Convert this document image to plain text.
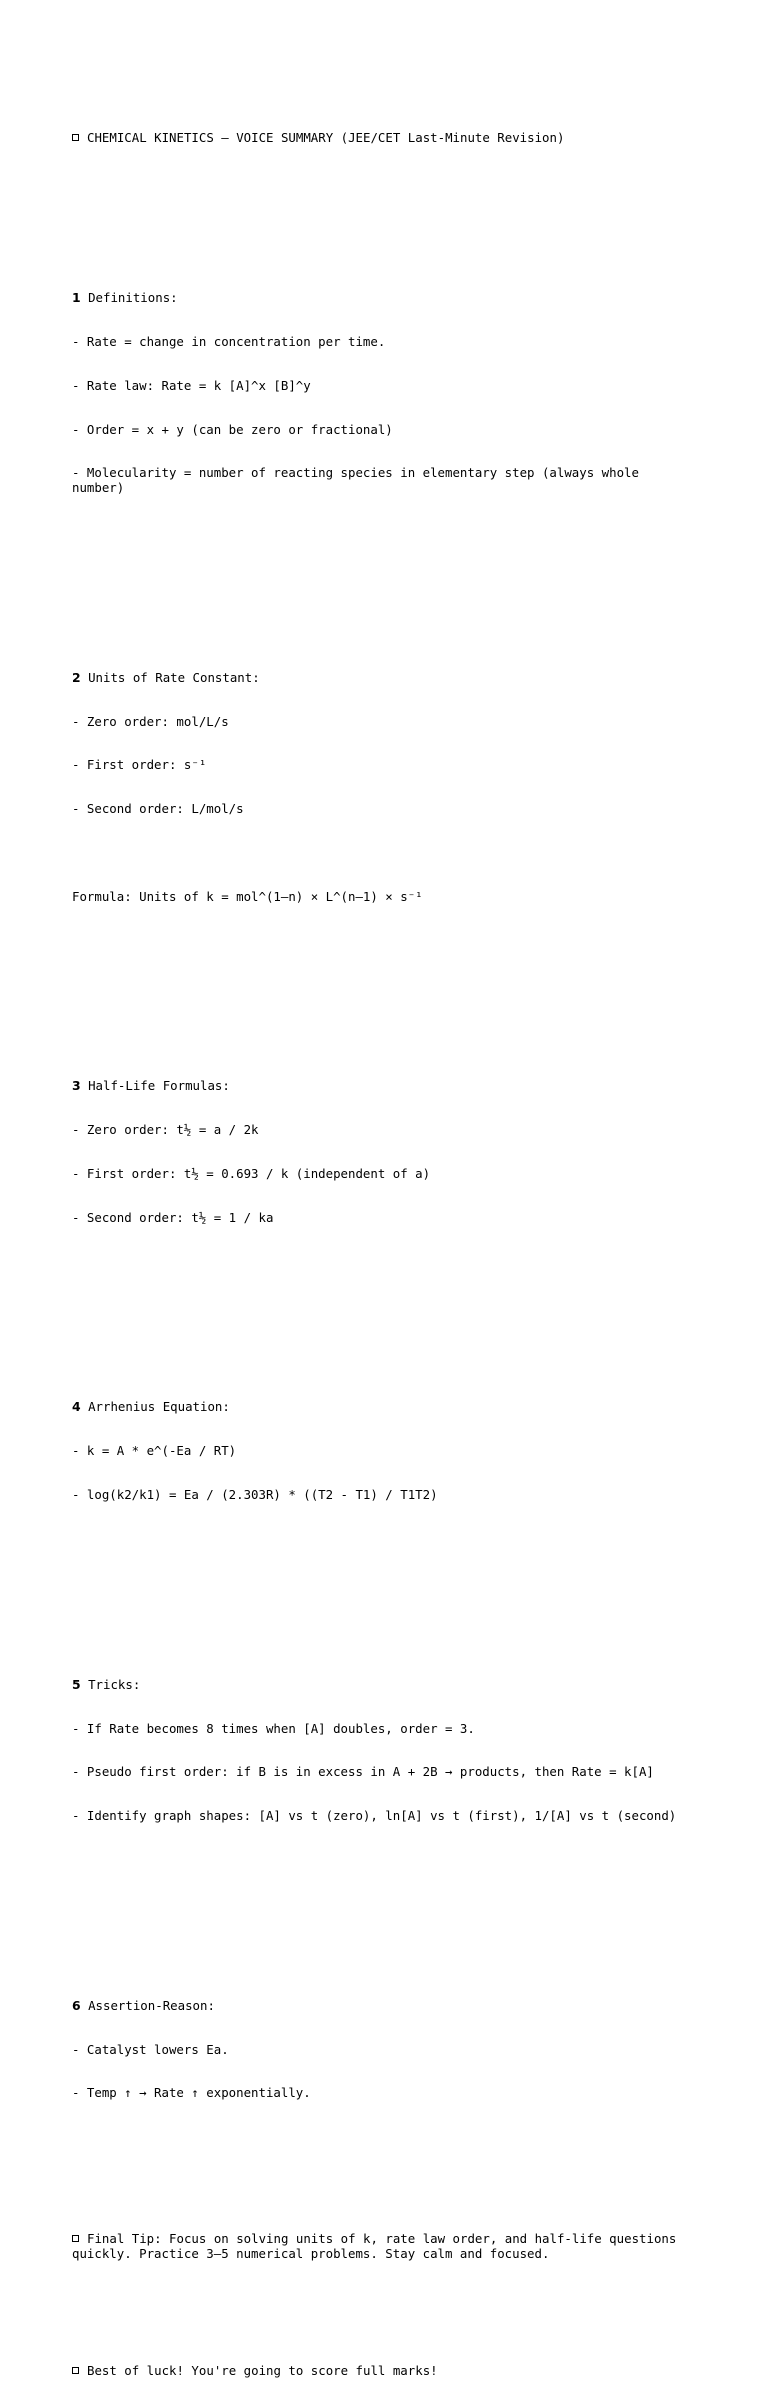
CHEMICAL KINETICS – VOICE SUMMARY (JEE/CET Last-Minute Revision)

1 Definitions:

- Rate = change in concentration per time.

- Rate law: Rate = k [A]^x [B]^y

- Order = x + y (can be zero or fractional)

- Molecularity = number of reacting species in elementary step (always whole number)

2 Units of Rate Constant:

- Zero order: mol/L/s

- First order: s⁻¹

- Second order: L/mol/s

Formula: Units of k = mol^(1–n) × L^(n–1) × s⁻¹

3 Half-Life Formulas:

- Zero order: t½ = a / 2k

- First order: t½ = 0.693 / k (independent of a)

- Second order: t½ = 1 / ka

4 Arrhenius Equation:

- k = A * e^(-Ea / RT)

- log(k2/k1) = Ea / (2.303R) * ((T2 - T1) / T1T2)

5 Tricks:

- If Rate becomes 8 times when [A] doubles, order = 3.

- Pseudo first order: if B is in excess in A + 2B → products, then Rate = k[A]

- Identify graph shapes: [A] vs t (zero), ln[A] vs t (first), 1/[A] vs t (second)

6 Assertion-Reason:

- Catalyst lowers Ea.

- Temp ↑ → Rate ↑ exponentially.

Final Tip: Focus on solving units of k, rate law order, and half-life questions quickly. Practice 3–5 numerical problems. Stay calm and focused.

Best of luck! You're going to score full marks!
